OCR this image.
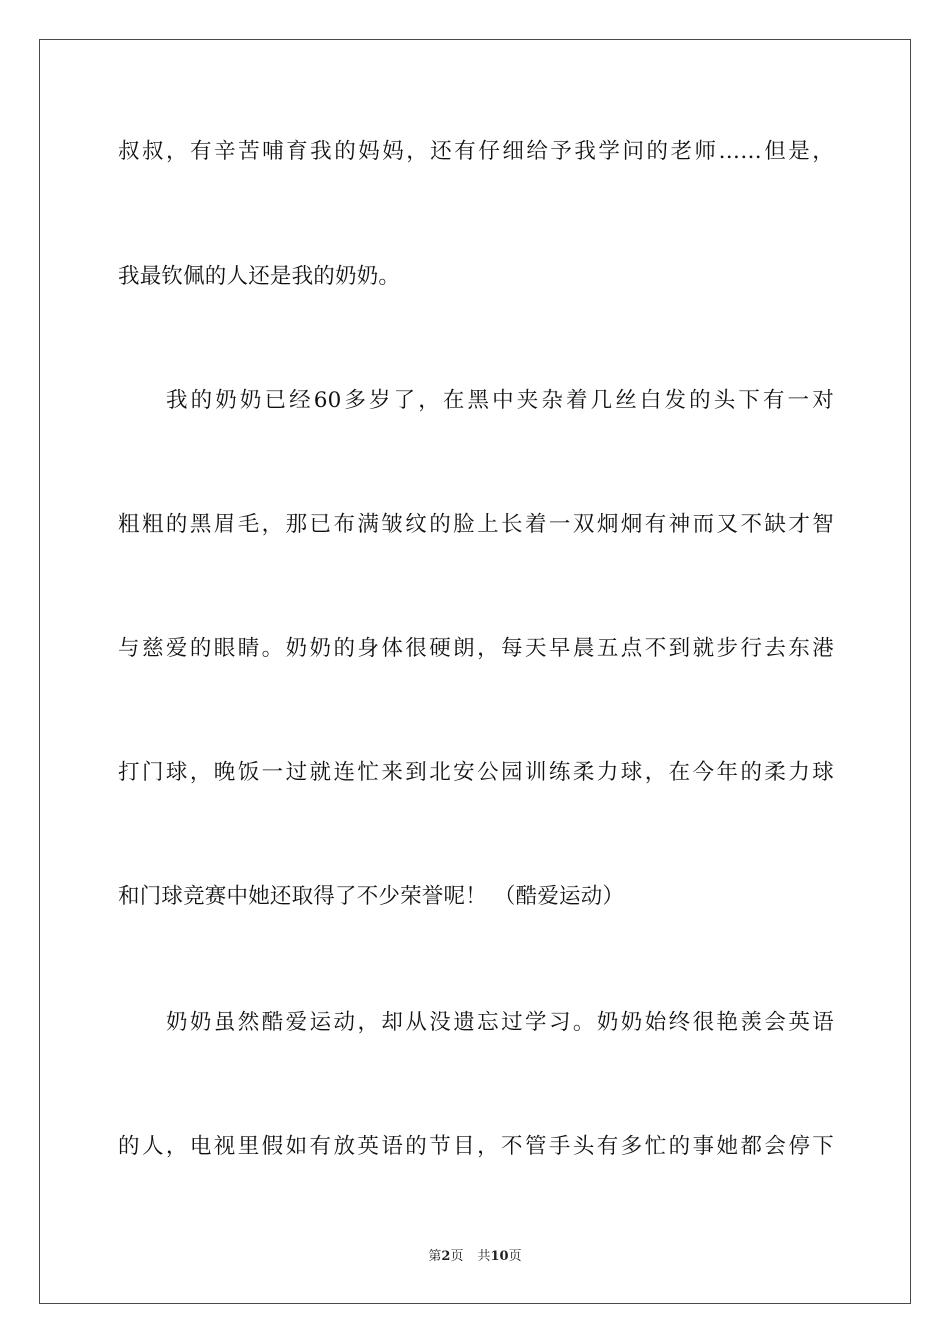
叔叔，有辛苦哺育我的妈妈，还有仔细给予我学问的老师……但是，
我最钦佩的人还是我的奶奶。
我的奶奶已经60多岁了，在黑中夹杂着几丝白发的头下有一对
粗粗的黑眉毛，那已布满皱纹的脸上长着一双炯炯有神而又不缺才智
与慈爱的眼睛。奶奶的身体很硬朗，每天早晨五点不到就步行去东港
打门球，晚饭一过就连忙来到北安公园训练柔力球，在今年的柔力球
和门球竞赛中她还取得了不少荣誉呢！ （酷爱运动）
奶奶虽然酷爱运动，却从没遗忘过学习。奶奶始终很艳羡会英语
的人，电视里假如有放英语的节目，不管手头有多忙的事她都会停下
第2页 共10页
